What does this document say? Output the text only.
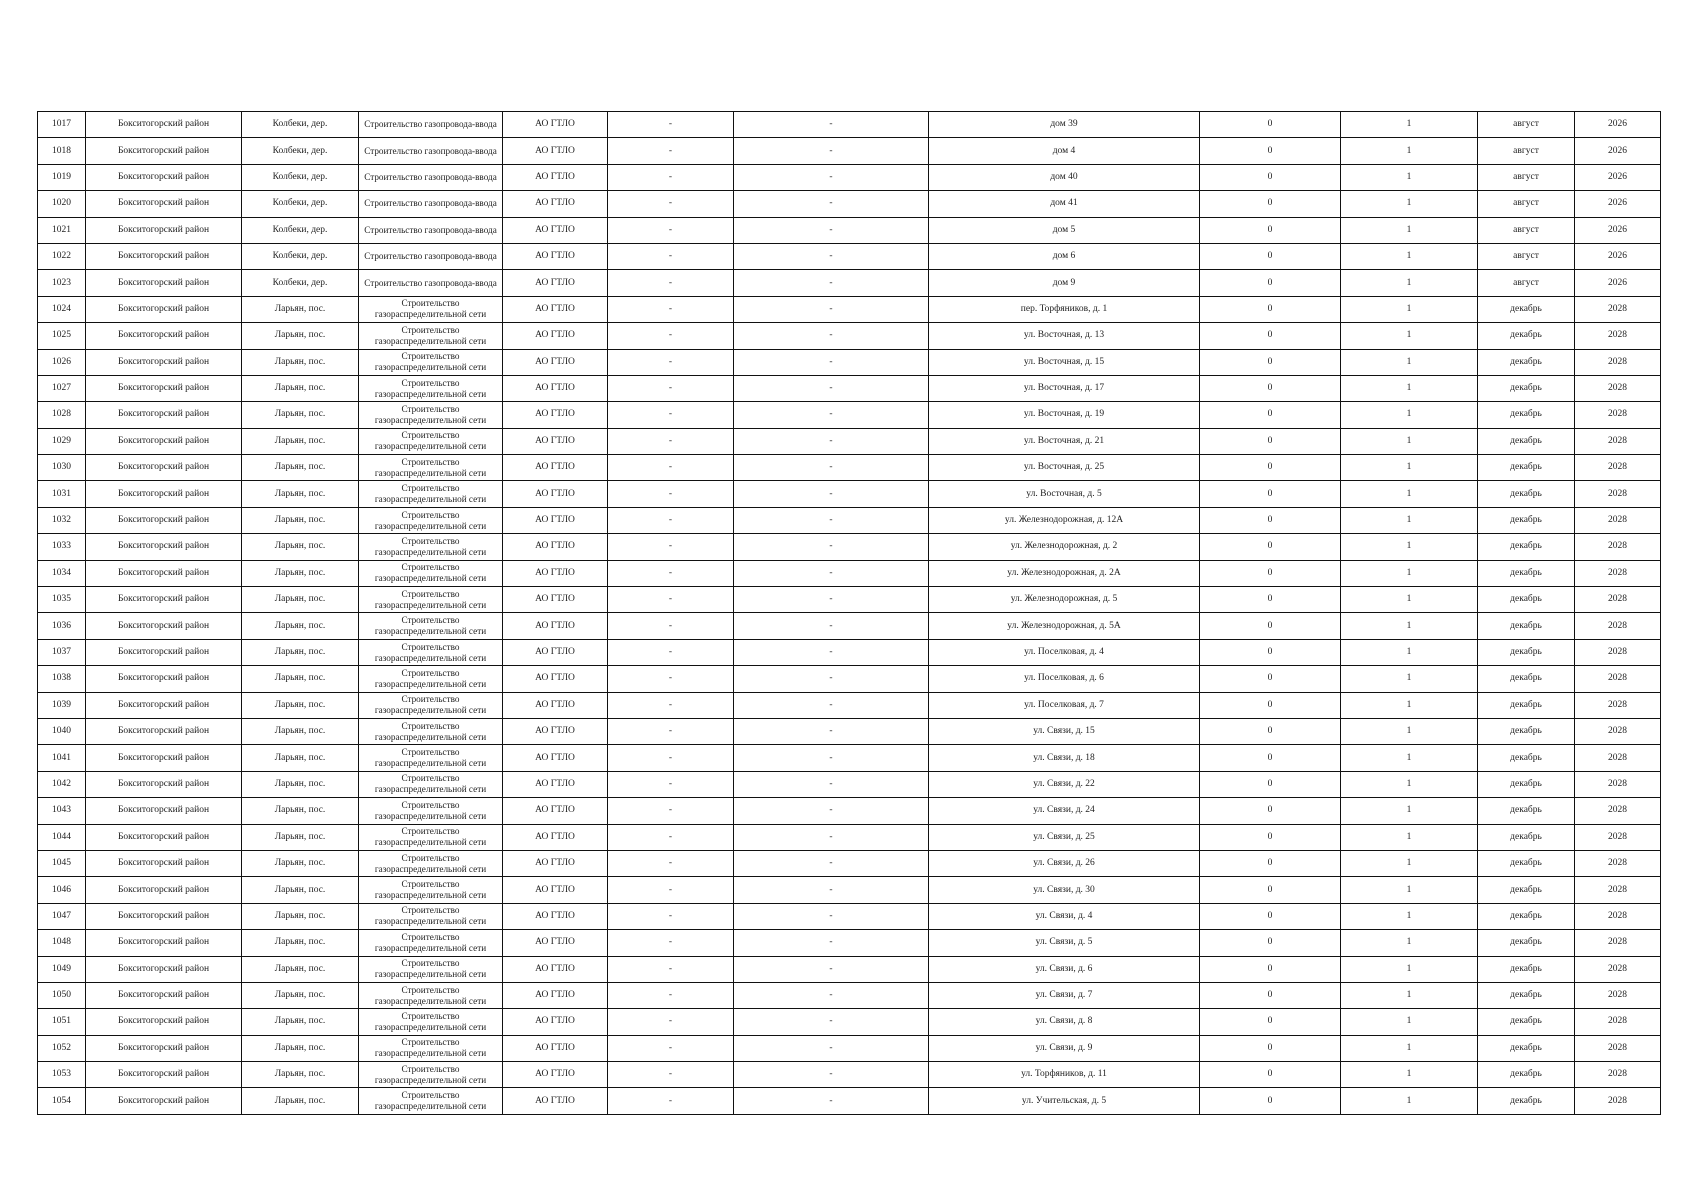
1017	Бокситогорский район	Колбеки, дер.	Строительство газопровода-ввода	АО ГТЛО	-	-	дом 39	0	1	август	2026
1018	Бокситогорский район	Колбеки, дер.	Строительство газопровода-ввода	АО ГТЛО	-	-	дом 4	0	1	август	2026
1019	Бокситогорский район	Колбеки, дер.	Строительство газопровода-ввода	АО ГТЛО	-	-	дом 40	0	1	август	2026
1020	Бокситогорский район	Колбеки, дер.	Строительство газопровода-ввода	АО ГТЛО	-	-	дом 41	0	1	август	2026
1021	Бокситогорский район	Колбеки, дер.	Строительство газопровода-ввода	АО ГТЛО	-	-	дом 5	0	1	август	2026
1022	Бокситогорский район	Колбеки, дер.	Строительство газопровода-ввода	АО ГТЛО	-	-	дом 6	0	1	август	2026
1023	Бокситогорский район	Колбеки, дер.	Строительство газопровода-ввода	АО ГТЛО	-	-	дом 9	0	1	август	2026
1024	Бокситогорский район	Ларьян, пос.	Строительство газораспределительной сети	АО ГТЛО	-	-	пер. Торфяников, д. 1	0	1	декабрь	2028
1025	Бокситогорский район	Ларьян, пос.	Строительство газораспределительной сети	АО ГТЛО	-	-	ул. Восточная, д. 13	0	1	декабрь	2028
1026	Бокситогорский район	Ларьян, пос.	Строительство газораспределительной сети	АО ГТЛО	-	-	ул. Восточная, д. 15	0	1	декабрь	2028
1027	Бокситогорский район	Ларьян, пос.	Строительство газораспределительной сети	АО ГТЛО	-	-	ул. Восточная, д. 17	0	1	декабрь	2028
1028	Бокситогорский район	Ларьян, пос.	Строительство газораспределительной сети	АО ГТЛО	-	-	ул. Восточная, д. 19	0	1	декабрь	2028
1029	Бокситогорский район	Ларьян, пос.	Строительство газораспределительной сети	АО ГТЛО	-	-	ул. Восточная, д. 21	0	1	декабрь	2028
1030	Бокситогорский район	Ларьян, пос.	Строительство газораспределительной сети	АО ГТЛО	-	-	ул. Восточная, д. 25	0	1	декабрь	2028
1031	Бокситогорский район	Ларьян, пос.	Строительство газораспределительной сети	АО ГТЛО	-	-	ул. Восточная, д. 5	0	1	декабрь	2028
1032	Бокситогорский район	Ларьян, пос.	Строительство газораспределительной сети	АО ГТЛО	-	-	ул. Железнодорожная, д. 12А	0	1	декабрь	2028
1033	Бокситогорский район	Ларьян, пос.	Строительство газораспределительной сети	АО ГТЛО	-	-	ул. Железнодорожная, д. 2	0	1	декабрь	2028
1034	Бокситогорский район	Ларьян, пос.	Строительство газораспределительной сети	АО ГТЛО	-	-	ул. Железнодорожная, д. 2А	0	1	декабрь	2028
1035	Бокситогорский район	Ларьян, пос.	Строительство газораспределительной сети	АО ГТЛО	-	-	ул. Железнодорожная, д. 5	0	1	декабрь	2028
1036	Бокситогорский район	Ларьян, пос.	Строительство газораспределительной сети	АО ГТЛО	-	-	ул. Железнодорожная, д. 5А	0	1	декабрь	2028
1037	Бокситогорский район	Ларьян, пос.	Строительство газораспределительной сети	АО ГТЛО	-	-	ул. Поселковая, д. 4	0	1	декабрь	2028
1038	Бокситогорский район	Ларьян, пос.	Строительство газораспределительной сети	АО ГТЛО	-	-	ул. Поселковая, д. 6	0	1	декабрь	2028
1039	Бокситогорский район	Ларьян, пос.	Строительство газораспределительной сети	АО ГТЛО	-	-	ул. Поселковая, д. 7	0	1	декабрь	2028
1040	Бокситогорский район	Ларьян, пос.	Строительство газораспределительной сети	АО ГТЛО	-	-	ул. Связи, д. 15	0	1	декабрь	2028
1041	Бокситогорский район	Ларьян, пос.	Строительство газораспределительной сети	АО ГТЛО	-	-	ул. Связи, д. 18	0	1	декабрь	2028
1042	Бокситогорский район	Ларьян, пос.	Строительство газораспределительной сети	АО ГТЛО	-	-	ул. Связи, д. 22	0	1	декабрь	2028
1043	Бокситогорский район	Ларьян, пос.	Строительство газораспределительной сети	АО ГТЛО	-	-	ул. Связи, д. 24	0	1	декабрь	2028
1044	Бокситогорский район	Ларьян, пос.	Строительство газораспределительной сети	АО ГТЛО	-	-	ул. Связи, д. 25	0	1	декабрь	2028
1045	Бокситогорский район	Ларьян, пос.	Строительство газораспределительной сети	АО ГТЛО	-	-	ул. Связи, д. 26	0	1	декабрь	2028
1046	Бокситогорский район	Ларьян, пос.	Строительство газораспределительной сети	АО ГТЛО	-	-	ул. Связи, д. 30	0	1	декабрь	2028
1047	Бокситогорский район	Ларьян, пос.	Строительство газораспределительной сети	АО ГТЛО	-	-	ул. Связи, д. 4	0	1	декабрь	2028
1048	Бокситогорский район	Ларьян, пос.	Строительство газораспределительной сети	АО ГТЛО	-	-	ул. Связи, д. 5	0	1	декабрь	2028
1049	Бокситогорский район	Ларьян, пос.	Строительство газораспределительной сети	АО ГТЛО	-	-	ул. Связи, д. 6	0	1	декабрь	2028
1050	Бокситогорский район	Ларьян, пос.	Строительство газораспределительной сети	АО ГТЛО	-	-	ул. Связи, д. 7	0	1	декабрь	2028
1051	Бокситогорский район	Ларьян, пос.	Строительство газораспределительной сети	АО ГТЛО	-	-	ул. Связи, д. 8	0	1	декабрь	2028
1052	Бокситогорский район	Ларьян, пос.	Строительство газораспределительной сети	АО ГТЛО	-	-	ул. Связи, д. 9	0	1	декабрь	2028
1053	Бокситогорский район	Ларьян, пос.	Строительство газораспределительной сети	АО ГТЛО	-	-	ул. Торфяников, д. 11	0	1	декабрь	2028
1054	Бокситогорский район	Ларьян, пос.	Строительство газораспределительной сети	АО ГТЛО	-	-	ул. Учительская, д. 5	0	1	декабрь	2028
